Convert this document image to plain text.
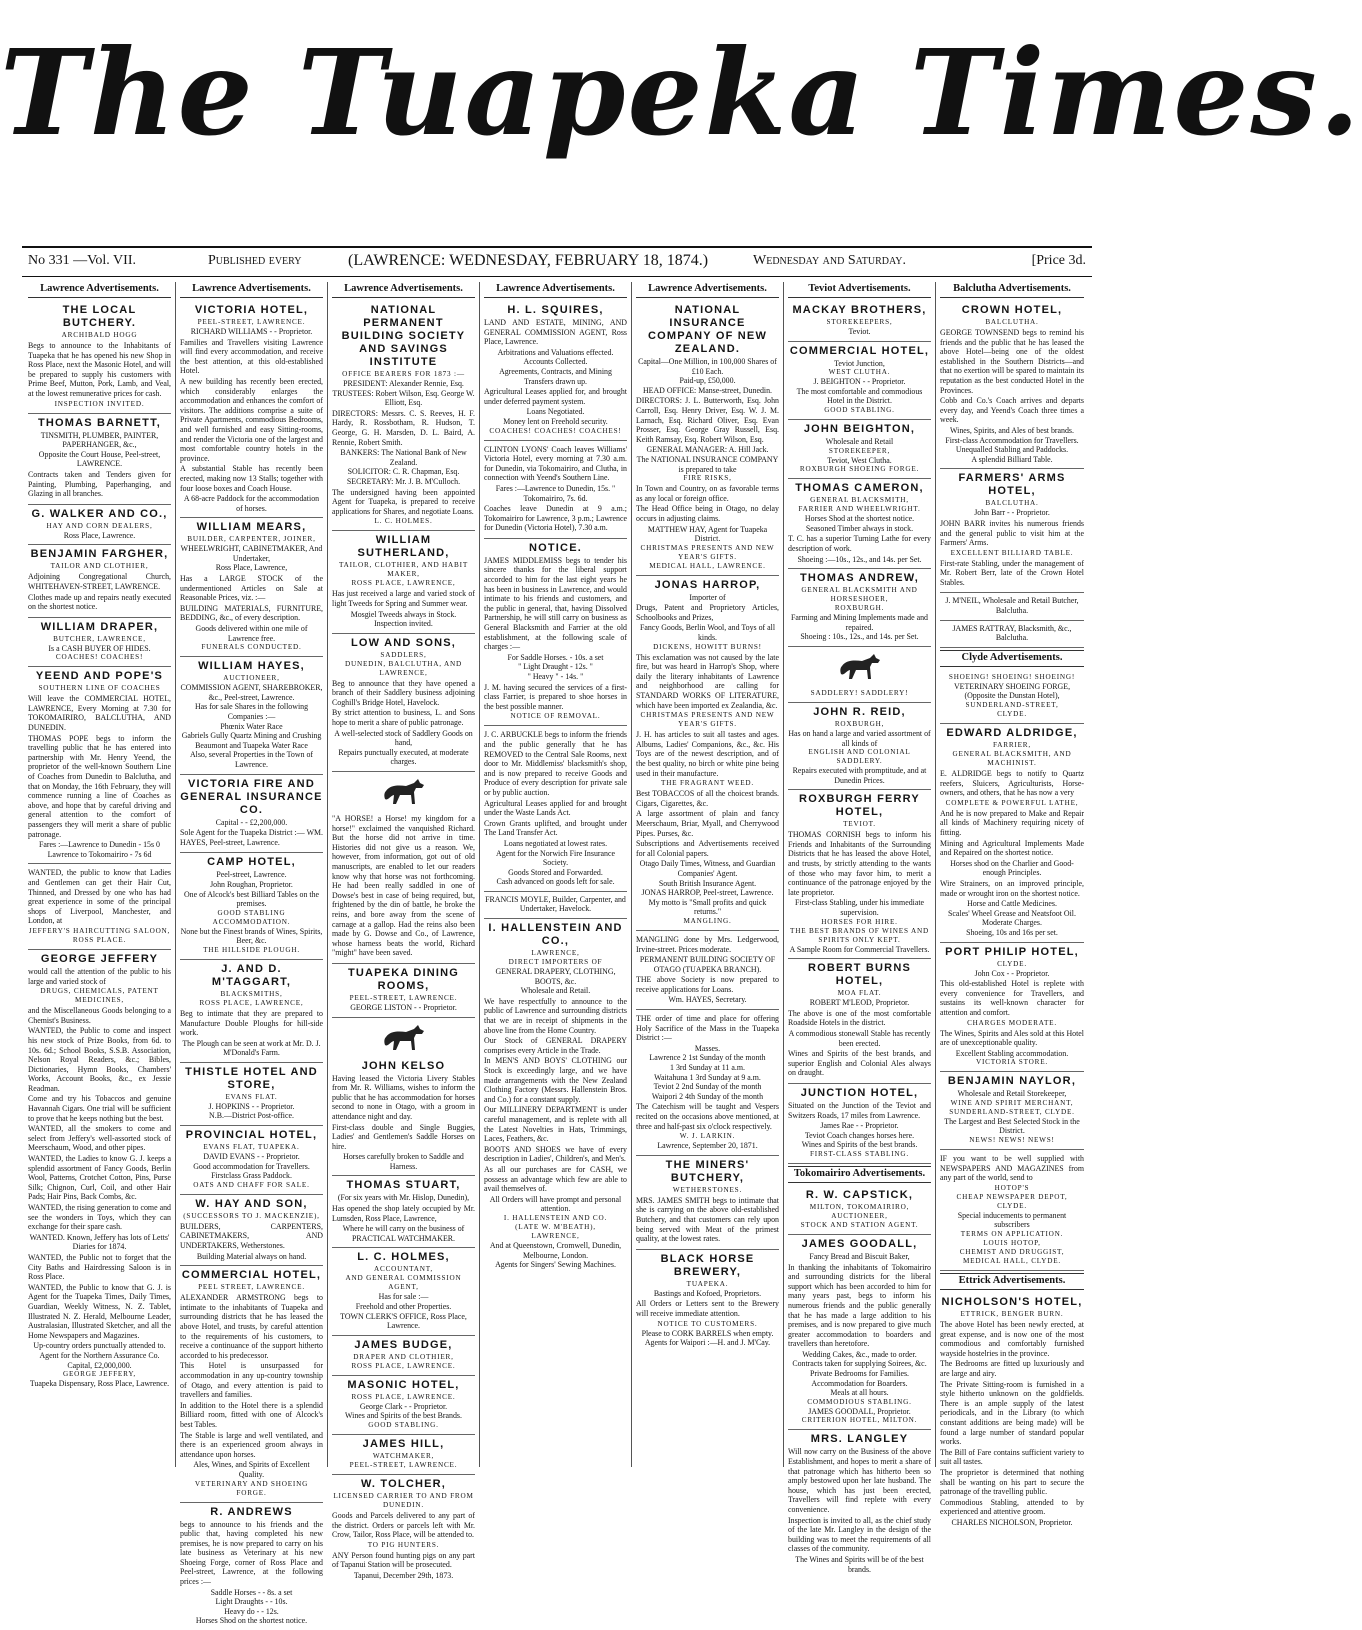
The Tuapeka Times.
No 331 —Vol. VII.	Published every	(LAWRENCE: WEDNESDAY, FEBRUARY 18, 1874.)	Wednesday and Saturday.	[Price 3d.
Lawrence Advertisements.
THE LOCAL BUTCHERY.
ARCHIBALD HOGG
Begs to announce to the Inhabitants of Tuapeka that he has opened his new Shop in Ross Place, next the Masonic Hotel, and will be prepared to supply his customers with Prime Beef, Mutton, Pork, Lamb, and Veal, at the lowest remunerative prices for cash.
INSPECTION INVITED.
THOMAS BARNETT,
TINSMITH, PLUMBER, PAINTER, PAPERHANGER, &c.,
Opposite the Court House, Peel-street, LAWRENCE.
Contracts taken and Tenders given for Painting, Plumbing, Paperhanging, and Glazing in all branches.
G. WALKER AND CO.,
HAY AND CORN DEALERS,
Ross Place, Lawrence.
BENJAMIN FARGHER,
TAILOR AND CLOTHIER,
Adjoining Congregational Church, WHITEHAVEN-STREET, LAWRENCE.
Clothes made up and repairs neatly executed on the shortest notice.
WILLIAM DRAPER,
BUTCHER, LAWRENCE,
Is a CASH BUYER OF HIDES.
COACHES! COACHES!
YEEND AND POPE'S
SOUTHERN LINE OF COACHES
Will leave the COMMERCIAL HOTEL, LAWRENCE, Every Morning at 7.30 for TOKOMAIRIRO, BALCLUTHA, AND DUNEDIN.
THOMAS POPE begs to inform the travelling public that he has entered into partnership with Mr. Henry Yeend, the proprietor of the well-known Southern Line of Coaches from Dunedin to Balclutha, and that on Monday, the 16th February, they will commence running a line of Coaches as above, and hope that by careful driving and general attention to the comfort of passengers they will merit a share of public patronage.
Fares :—Lawrence to Dunedin - 15s 0
Lawrence to Tokomairiro - 7s 6d
WANTED, the public to know that Ladies and Gentlemen can get their Hair Cut, Thinned, and Dressed by one who has had great experience in some of the principal shops of Liverpool, Manchester, and London, at
JEFFERY'S HAIRCUTTING SALOON,
ROSS PLACE.
GEORGE JEFFERY
would call the attention of the public to his large and varied stock of
DRUGS, CHEMICALS, PATENT MEDICINES,
and the Miscellaneous Goods belonging to a Chemist's Business.
WANTED, the Public to come and inspect his new stock of Prize Books, from 6d. to 10s. 6d.; School Books, S.S.B. Association, Nelson Royal Readers, &c.; Bibles, Dictionaries, Hymn Books, Chambers' Works, Account Books, &c., ex Jessie Readman.
Come and try his Tobaccos and genuine Havannah Cigars. One trial will be sufficient to prove that he keeps nothing but the best.
WANTED, all the smokers to come and select from Jeffery's well-assorted stock of Meerschaum, Wood, and other pipes.
WANTED, the Ladies to know G. J. keeps a splendid assortment of Fancy Goods, Berlin Wool, Patterns, Crotchet Cotton, Pins, Purse Silk; Chignon, Curl, Coil, and other Hair Pads; Hair Pins, Back Combs, &c.
WANTED, the rising generation to come and see the wonders in Toys, which they can exchange for their spare cash.
WANTED. Known, Jeffery has lots of Letts' Diaries for 1874.
WANTED, the Public not to forget that the City Baths and Hairdressing Saloon is in Ross Place.
WANTED, the Public to know that G. J. is Agent for the Tuapeka Times, Daily Times, Guardian, Weekly Witness, N. Z. Tablet, Illustrated N. Z. Herald, Melbourne Leader, Australasian, Illustrated Sketcher, and all the Home Newspapers and Magazines.
Up-country orders punctually attended to.
Agent for the Northern Assurance Co. Capital, £2,000,000.
GEORGE JEFFERY,
Tuapeka Dispensary, Ross Place, Lawrence.
Lawrence Advertisements.
VICTORIA HOTEL,
PEEL-STREET, LAWRENCE.
RICHARD WILLIAMS - - Proprietor.
Families and Travellers visiting Lawrence will find every accommodation, and receive the best attention, at this old-established Hotel.
A new building has recently been erected, which considerably enlarges the accommodation and enhances the comfort of visitors. The additions comprise a suite of Private Apartments, commodious Bedrooms, and well furnished and easy Sitting-rooms, and render the Victoria one of the largest and most comfortable country hotels in the province.
A substantial Stable has recently been erected, making now 13 Stalls; together with four loose boxes and Coach House.
A 68-acre Paddock for the accommodation of horses.
WILLIAM MEARS,
BUILDER, CARPENTER, JOINER,
WHEELWRIGHT, CABINETMAKER, And Undertaker,
Ross Place, Lawrence,
Has a LARGE STOCK of the undermentioned Articles on Sale at Reasonable Prices, viz. :—
BUILDING MATERIALS, FURNITURE, BEDDING, &c., of every description.
Goods delivered within one mile of Lawrence free.
FUNERALS CONDUCTED.
WILLIAM HAYES,
AUCTIONEER,
COMMISSION AGENT, SHAREBROKER, &c., Peel-street, Lawrence.
Has for sale Shares in the following Companies :—
Phœnix Water Race
Gabriels Gully Quartz Mining and Crushing
Beaumont and Tuapeka Water Race
Also, several Properties in the Town of Lawrence.
VICTORIA FIRE AND GENERAL INSURANCE CO.
Capital - - £2,200,000.
Sole Agent for the Tuapeka District :— WM. HAYES, Peel-street, Lawrence.
CAMP HOTEL,
Peel-street, Lawrence.
John Roughan, Proprietor.
One of Alcock's best Billiard Tables on the premises.
GOOD STABLING ACCOMMODATION.
None but the Finest brands of Wines, Spirits, Beer, &c.
THE HILLSIDE PLOUGH.
J. AND D. M'TAGGART,
BLACKSMITHS,
ROSS PLACE, LAWRENCE,
Beg to intimate that they are prepared to Manufacture Double Ploughs for hill-side work.
The Plough can be seen at work at Mr. D. J. M'Donald's Farm.
THISTLE HOTEL AND STORE,
EVANS FLAT.
J. HOPKINS - - Proprietor.
N.B.—District Post-office.
PROVINCIAL HOTEL,
EVANS FLAT, TUAPEKA.
DAVID EVANS - - Proprietor.
Good accommodation for Travellers. Firstclass Grass Paddock.
OATS AND CHAFF FOR SALE.
W. HAY AND SON,
(SUCCESSORS TO J. MACKENZIE),
BUILDERS, CARPENTERS, CABINETMAKERS, AND UNDERTAKERS, Wetherstones.
Building Material always on hand.
COMMERCIAL HOTEL,
PEEL STREET, LAWRENCE.
ALEXANDER ARMSTRONG begs to intimate to the inhabitants of Tuapeka and surrounding districts that he has leased the above Hotel, and trusts, by careful attention to the requirements of his customers, to receive a continuance of the support hitherto accorded to his predecessor.
This Hotel is unsurpassed for accommodation in any up-country township of Otago, and every attention is paid to travellers and families.
In addition to the Hotel there is a splendid Billiard room, fitted with one of Alcock's best Tables.
The Stable is large and well ventilated, and there is an experienced groom always in attendance upon horses.
Ales, Wines, and Spirits of Excellent Quality.
VETERINARY AND SHOEING FORGE.
R. ANDREWS
begs to announce to his friends and the public that, having completed his new premises, he is now prepared to carry on his late business as Veterinary at his new Shoeing Forge, corner of Ross Place and Peel-street, Lawrence, at the following prices :—
Saddle Horses - - 8s. a set
Light Draughts - - 10s.
Heavy do - - 12s.
Horses Shod on the shortest notice.
Lawrence Advertisements.
NATIONAL PERMANENT BUILDING SOCIETY AND SAVINGS INSTITUTE
OFFICE BEARERS FOR 1873 :—
PRESIDENT: Alexander Rennie, Esq.
TRUSTEES: Robert Wilson, Esq. George W. Elliott, Esq.
DIRECTORS: Messrs. C. S. Reeves, H. F. Hardy, R. Rossbotham, R. Hudson, T. George, G. H. Marsden, D. L. Baird, A. Rennie, Robert Smith.
BANKERS: The National Bank of New Zealand.
SOLICITOR: C. R. Chapman, Esq.
SECRETARY: Mr. J. B. M'Culloch.
The undersigned having been appointed Agent for Tuapeka, is prepared to receive applications for Shares, and negotiate Loans.
L. C. HOLMES.
WILLIAM SUTHERLAND,
TAILOR, CLOTHIER, AND HABIT MAKER,
ROSS PLACE, LAWRENCE,
Has just received a large and varied stock of light Tweeds for Spring and Summer wear.
Mosgiel Tweeds always in Stock.
Inspection invited.
LOW AND SONS,
SADDLERS,
DUNEDIN, BALCLUTHA, AND LAWRENCE,
Beg to announce that they have opened a branch of their Saddlery business adjoining Coghill's Bridge Hotel, Havelock.
By strict attention to business, L. and Sons hope to merit a share of public patronage.
A well-selected stock of Saddlery Goods on hand,
Repairs punctually executed, at moderate charges.
"A HORSE! a Horse! my kingdom for a horse!" exclaimed the vanquished Richard. But the horse did not arrive in time. Histories did not give us a reason. We, however, from information, got out of old manuscripts, are enabled to let our readers know why that horse was not forthcoming. He had been really saddled in one of Dowse's best in case of being required, but, frightened by the din of battle, he broke the reins, and bore away from the scene of carnage at a gallop. Had the reins also been made by G. Dowse and Co., of Lawrence, whose harness beats the world, Richard "might" have been saved.
TUAPEKA DINING ROOMS,
PEEL-STREET, LAWRENCE.
GEORGE LISTON - - Proprietor.
JOHN KELSO
Having leased the Victoria Livery Stables from Mr. R. Williams, wishes to inform the public that he has accommodation for horses second to none in Otago, with a groom in attendance night and day.
First-class double and Single Buggies, Ladies' and Gentlemen's Saddle Horses on hire.
Horses carefully broken to Saddle and Harness.
THOMAS STUART,
(For six years with Mr. Hislop, Dunedin),
Has opened the shop lately occupied by Mr. Lumsden, Ross Place, Lawrence,
Where he will carry on the business of PRACTICAL WATCHMAKER.
L. C. HOLMES,
ACCOUNTANT,
AND GENERAL COMMISSION AGENT,
Has for sale :—
Freehold and other Properties.
TOWN CLERK'S OFFICE, Ross Place, Lawrence.
JAMES BUDGE,
DRAPER AND CLOTHIER,
ROSS PLACE, LAWRENCE.
MASONIC HOTEL,
ROSS PLACE, LAWRENCE.
George Clark - - Proprietor.
Wines and Spirits of the best Brands.
GOOD STABLING.
JAMES HILL,
WATCHMAKER,
PEEL-STREET, LAWRENCE.
W. TOLCHER,
LICENSED CARRIER TO AND FROM DUNEDIN.
Goods and Parcels delivered to any part of the district. Orders or parcels left with Mr. Crow, Tailor, Ross Place, will be attended to.
TO PIG HUNTERS.
ANY Person found hunting pigs on any part of Tapanui Station will be prosecuted.
Tapanui, December 29th, 1873.
Lawrence Advertisements.
H. L. SQUIRES,
LAND AND ESTATE, MINING, AND GENERAL COMMISSION AGENT, Ross Place, Lawrence.
Arbitrations and Valuations effected. Accounts Collected.
Agreements, Contracts, and Mining Transfers drawn up.
Agricultural Leases applied for, and brought under deferred payment system.
Loans Negotiated.
Money lent on Freehold security.
COACHES! COACHES! COACHES!
CLINTON LYONS' Coach leaves Williams' Victoria Hotel, every morning at 7.30 a.m. for Dunedin, via Tokomairiro, and Clutha, in connection with Yeend's Southern Line.
Fares :—Lawrence to Dunedin, 15s. " Tokomairiro, 7s. 6d.
Coaches leave Dunedin at 9 a.m.; Tokomairiro for Lawrence, 3 p.m.; Lawrence for Dunedin (Victoria Hotel), 7.30 a.m.
NOTICE.
JAMES MIDDLEMISS begs to tender his sincere thanks for the liberal support accorded to him for the last eight years he has been in business in Lawrence, and would intimate to his friends and customers, and the public in general, that, having Dissolved Partnership, he will still carry on business as General Blacksmith and Farrier at the old establishment, at the following scale of charges :—
For Saddle Horses. - 10s. a set
" Light Draught - 12s. "
" Heavy " - 14s. "
J. M. having secured the services of a first-class Farrier, is prepared to shoe horses in the best possible manner.
NOTICE OF REMOVAL.
J. C. ARBUCKLE begs to inform the friends and the public generally that he has REMOVED to the Central Sale Rooms, next door to Mr. Middlemiss' blacksmith's shop, and is now prepared to receive Goods and Produce of every description for private sale or by public auction.
Agricultural Leases applied for and brought under the Waste Lands Act.
Crown Grants uplifted, and brought under The Land Transfer Act.
Loans negotiated at lowest rates.
Agent for the Norwich Fire Insurance Society.
Goods Stored and Forwarded.
Cash advanced on goods left for sale.
FRANCIS MOYLE, Builder, Carpenter, and Undertaker, Havelock.
I. HALLENSTEIN AND CO.,
LAWRENCE,
DIRECT IMPORTERS OF
GENERAL DRAPERY, CLOTHING, BOOTS, &c.
Wholesale and Retail.
We have respectfully to announce to the public of Lawrence and surrounding districts that we are in receipt of shipments in the above line from the Home Country.
Our Stock of GENERAL DRAPERY comprises every Article in the Trade.
In MEN'S AND BOYS' CLOTHING our Stock is exceedingly large, and we have made arrangements with the New Zealand Clothing Factory (Messrs. Hallenstein Bros. and Co.) for a constant supply.
Our MILLINERY DEPARTMENT is under careful management, and is replete with all the Latest Novelties in Hats, Trimmings, Laces, Feathers, &c.
BOOTS AND SHOES we have of every description in Ladies', Children's, and Men's.
As all our purchases are for CASH, we possess an advantage which few are able to avail themselves of.
All Orders will have prompt and personal attention.
I. HALLENSTEIN AND CO.
(LATE W. M'BEATH),
LAWRENCE,
And at Queenstown, Cromwell, Dunedin, Melbourne, London.
Agents for Singers' Sewing Machines.
Lawrence Advertisements.
NATIONAL INSURANCE COMPANY OF NEW ZEALAND.
Capital—One Million, in 100,000 Shares of £10 Each.
Paid-up, £50,000.
HEAD OFFICE: Manse-street, Dunedin.
DIRECTORS: J. L. Butterworth, Esq. John Carroll, Esq. Henry Driver, Esq. W. J. M. Larnach, Esq. Richard Oliver, Esq. Evan Prosser, Esq. George Gray Russell, Esq. Keith Ramsay, Esq. Robert Wilson, Esq.
GENERAL MANAGER: A. Hill Jack.
The NATIONAL INSURANCE COMPANY is prepared to take
FIRE RISKS,
In Town and Country, on as favorable terms as any local or foreign office.
The Head Office being in Otago, no delay occurs in adjusting claims.
MATTHEW HAY, Agent for Tuapeka District.
CHRISTMAS PRESENTS AND NEW YEAR'S GIFTS.
MEDICAL HALL, LAWRENCE.
JONAS HARROP,
Importer of
Drugs, Patent and Proprietory Articles, Schoolbooks and Prizes,
Fancy Goods, Berlin Wool, and Toys of all kinds.
DICKENS, HOWITT BURNS!
This exclamation was not caused by the late fire, but was heard in Harrop's Shop, where daily the literary inhabitants of Lawrence and neighborhood are calling for STANDARD WORKS OF LITERATURE, which have been imported ex Zealandia, &c.
CHRISTMAS PRESENTS AND NEW YEAR'S GIFTS.
J. H. has articles to suit all tastes and ages. Albums, Ladies' Companions, &c., &c. His Toys are of the newest description, and of the best quality, no birch or white pine being used in their manufacture.
THE FRAGRANT WEED.
Best TOBACCOS of all the choicest brands. Cigars, Cigarettes, &c.
A large assortment of plain and fancy Meerschaum, Briar, Myall, and Cherrywood Pipes. Purses, &c.
Subscriptions and Advertisements received for all Colonial papers.
Otago Daily Times, Witness, and Guardian Companies' Agent.
South British Insurance Agent.
JONAS HARROP, Peel-street, Lawrence.
My motto is "Small profits and quick returns."
MANGLING.
MANGLING done by Mrs. Ledgerwood, Irvine-street. Prices moderate.
PERMANENT BUILDING SOCIETY OF OTAGO (TUAPEKA BRANCH).
THE above Society is now prepared to receive applications for Loans.
Wm. HAYES, Secretary.
THE order of time and place for offering Holy Sacrifice of the Mass in the Tuapeka District :—
Masses.
Lawrence 2 1st Sunday of the month
1 3rd Sunday at 11 a.m.
Waitahuna 1 3rd Sunday at 9 a.m.
Teviot 2 2nd Sunday of the month
Waipori 2 4th Sunday of the month
The Catechism will be taught and Vespers recited on the occasions above mentioned, at three and half-past six o'clock respectively.
W. J. LARKIN.
Lawrence, September 20, 1871.
THE MINERS' BUTCHERY,
WETHERSTONES.
MRS. JAMES SMITH begs to intimate that she is carrying on the above old-established Butchery, and that customers can rely upon being served with Meat of the primest quality, at the lowest rates.
BLACK HORSE BREWERY,
TUAPEKA.
Bastings and Kofoed, Proprietors.
All Orders or Letters sent to the Brewery will receive immediate attention.
NOTICE TO CUSTOMERS.
Please to CORK BARRELS when empty.
Agents for Waipori :—H. and J. M'Cay.
Teviot Advertisements.
MACKAY BROTHERS,
STOREKEEPERS,
Teviot.
COMMERCIAL HOTEL,
Teviot Junction,
WEST CLUTHA.
J. BEIGHTON - - Proprietor.
The most comfortable and commodious Hotel in the District.
GOOD STABLING.
JOHN BEIGHTON,
Wholesale and Retail
STOREKEEPER,
Teviot, West Clutha.
ROXBURGH SHOEING FORGE.
THOMAS CAMERON,
GENERAL BLACKSMITH,
FARRIER AND WHEELWRIGHT.
Horses Shod at the shortest notice.
Seasoned Timber always in stock.
T. C. has a superior Turning Lathe for every description of work.
Shoeing :—10s., 12s., and 14s. per Set.
THOMAS ANDREW,
GENERAL BLACKSMITH AND HORSESHOER,
ROXBURGH.
Farming and Mining Implements made and repaired.
Shoeing : 10s., 12s., and 14s. per Set.
SADDLERY! SADDLERY!
JOHN R. REID,
ROXBURGH,
Has on hand a large and varied assortment of all kinds of
ENGLISH AND COLONIAL SADDLERY.
Repairs executed with promptitude, and at Dunedin Prices.
ROXBURGH FERRY HOTEL,
TEVIOT.
THOMAS CORNISH begs to inform his Friends and Inhabitants of the Surrounding Districts that he has leased the above Hotel, and trusts, by strictly attending to the wants of those who may favor him, to merit a continuance of the patronage enjoyed by the late proprietor.
First-class Stabling, under his immediate supervision.
HORSES FOR HIRE.
THE BEST BRANDS OF WINES AND SPIRITS ONLY KEPT.
A Sample Room for Commercial Travellers.
ROBERT BURNS HOTEL,
MOA FLAT.
ROBERT M'LEOD, Proprietor.
The above is one of the most comfortable Roadside Hotels in the district.
A commodious stonewall Stable has recently been erected.
Wines and Spirits of the best brands, and superior English and Colonial Ales always on draught.
JUNCTION HOTEL,
Situated on the Junction of the Teviot and Switzers Roads, 17 miles from Lawrence.
James Rae - - Proprietor.
Teviot Coach changes horses here.
Wines and Spirits of the best brands.
FIRST-CLASS STABLING.
Tokomairiro Advertisements.
R. W. CAPSTICK,
MILTON, TOKOMAIRIRO,
AUCTIONEER,
STOCK AND STATION AGENT.
JAMES GOODALL,
Fancy Bread and Biscuit Baker,
In thanking the inhabitants of Tokomairiro and surrounding districts for the liberal support which has been accorded to him for many years past, begs to inform his numerous friends and the public generally that he has made a large addition to his premises, and is now prepared to give much greater accommodation to boarders and travellers than heretofore.
Wedding Cakes, &c., made to order.
Contracts taken for supplying Soirees, &c.
Private Bedrooms for Families.
Accommodation for Boarders.
Meals at all hours.
COMMODIOUS STABLING.
JAMES GOODALL, Proprietor.
CRITERION HOTEL, MILTON.
MRS. LANGLEY
Will now carry on the Business of the above Establishment, and hopes to merit a share of that patronage which has hitherto been so amply bestowed upon her late husband. The house, which has just been erected, Travellers will find replete with every convenience.
Inspection is invited to all, as the chief study of the late Mr. Langley in the design of the building was to meet the requirements of all classes of the community.
The Wines and Spirits will be of the best brands.
Balclutha Advertisements.
CROWN HOTEL,
BALCLUTHA.
GEORGE TOWNSEND begs to remind his friends and the public that he has leased the above Hotel—being one of the oldest established in the Southern Districts—and that no exertion will be spared to maintain its reputation as the best conducted Hotel in the Provinces.
Cobb and Co.'s Coach arrives and departs every day, and Yeend's Coach three times a week.
Wines, Spirits, and Ales of best brands.
First-class Accommodation for Travellers.
Unequalled Stabling and Paddocks.
A splendid Billiard Table.
FARMERS' ARMS HOTEL,
BALCLUTHA.
John Barr - - Proprietor.
JOHN BARR invites his numerous friends and the general public to visit him at the Farmers' Arms.
EXCELLENT BILLIARD TABLE.
First-rate Stabling, under the management of Mr. Robert Berr, late of the Crown Hotel Stables.
J. M'NEIL, Wholesale and Retail Butcher, Balclutha.
JAMES RATTRAY, Blacksmith, &c., Balclutha.
Clyde Advertisements.
SHOEING! SHOEING! SHOEING!
VETERINARY SHOEING FORGE, (Opposite the Dunstan Hotel),
SUNDERLAND-STREET,
CLYDE.
EDWARD ALDRIDGE,
FARRIER,
GENERAL BLACKSMITH, AND MACHINIST.
E. ALDRIDGE begs to notify to Quartz reefers, Sluicers, Agriculturists, Horse-owners, and others, that he has now a very
COMPLETE & POWERFUL LATHE,
And he is now prepared to Make and Repair all kinds of Machinery requiring nicety of fitting.
Mining and Agricultural Implements Made and Repaired on the shortest notice.
Horses shod on the Charlier and Good-enough Principles.
Wire Strainers, on an improved principle, made or wrought iron on the shortest notice.
Horse and Cattle Medicines.
Scales' Wheel Grease and Neatsfoot Oil.
Moderate Charges.
Shoeing, 10s and 16s per set.
PORT PHILIP HOTEL,
CLYDE.
John Cox - - Proprietor.
This old-established Hotel is replete with every convenience for Travellers, and sustains its well-known character for attention and comfort.
CHARGES MODERATE.
The Wines, Spirits and Ales sold at this Hotel are of unexceptionable quality.
Excellent Stabling accommodation.
VICTORIA STORE.
BENJAMIN NAYLOR,
Wholesale and Retail Storekeeper,
WINE AND SPIRIT MERCHANT,
SUNDERLAND-STREET, CLYDE.
The Largest and Best Selected Stock in the District.
NEWS! NEWS! NEWS!
IF you want to be well supplied with NEWSPAPERS AND MAGAZINES from any part of the world, send to
HOTOP'S
CHEAP NEWSPAPER DEPOT,
CLYDE.
Special inducements to permanent subscribers
TERMS ON APPLICATION.
LOUIS HOTOP,
CHEMIST AND DRUGGIST,
MEDICAL HALL, CLYDE.
Ettrick Advertisements.
NICHOLSON'S HOTEL,
ETTRICK, BENGER BURN.
The above Hotel has been newly erected, at great expense, and is now one of the most commodious and comfortably furnished wayside hostelries in the province.
The Bedrooms are fitted up luxuriously and are large and airy.
The Private Sitting-room is furnished in a style hitherto unknown on the goldfields. There is an ample supply of the latest periodicals, and in the Library (to which constant additions are being made) will be found a large number of standard popular works.
The Bill of Fare contains sufficient variety to suit all tastes.
The proprietor is determined that nothing shall be wanting on his part to secure the patronage of the travelling public.
Commodious Stabling, attended to by experienced and attentive groom.
CHARLES NICHOLSON, Proprietor.
